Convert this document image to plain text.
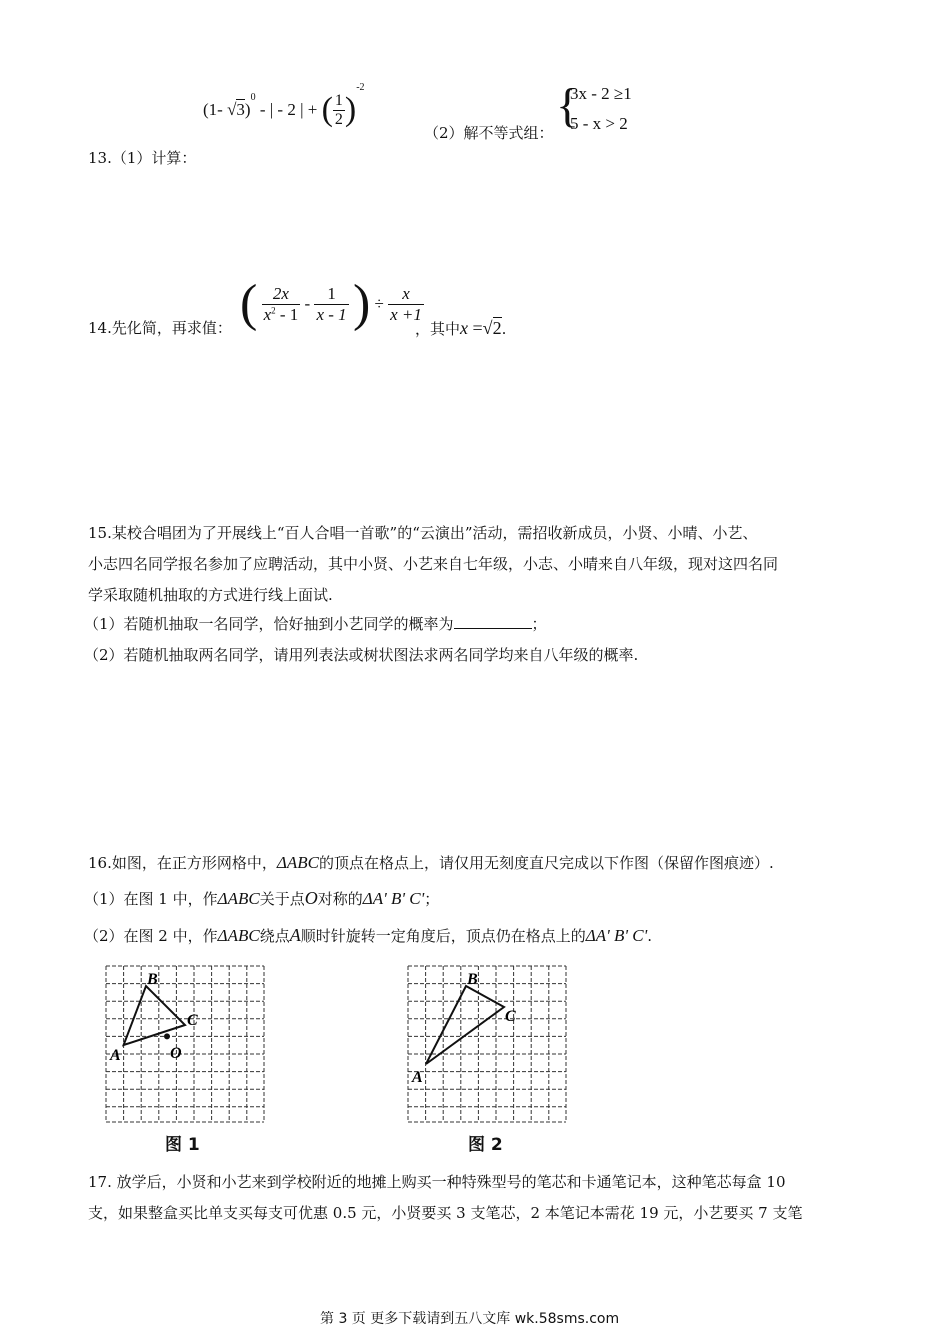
(1- √3)$^0$ - | - 2 | + ( $\frac{1}{2} )^{-2}$
（2）解不等式组：
{
3x - 2 ≥1
5 - x > 2
13.（1）计算：
14.先化简，再求值： ( $\frac{2x}{x^2 - 1} - \frac{1}{x - 1}$ ) ÷ $\frac{x}{x +1}$
，其中x =√2.
15.某校合唱团为了开展线上“百人合唱一首歌”的“云演出”活动，需招收新成员，小贤、小晴、小艺、
小志四名同学报名参加了应聘活动，其中小贤、小艺来自七年级，小志、小晴来自八年级，现对这四名同
学采取随机抽取的方式进行线上面试.
（1）若随机抽取一名同学，恰好抽到小艺同学的概率为	；
（2）若随机抽取两名同学，请用列表法或树状图法求两名同学均来自八年级的概率.
16.如图，在正方形网格中，ΔABC的顶点在格点上，请仅用无刻度直尺完成以下作图（保留作图痕迹）.
（1）在图 1 中，作ΔABC关于点O对称的ΔA' B' C'；
（2）在图 2 中，作ΔABC绕点A顺时针旋转一定角度后，顶点仍在格点上的ΔA' B' C'.
A
B
C
O
图 1
A
B
C
图 2
17. 放学后，小贤和小艺来到学校附近的地摊上购买一种特殊型号的笔芯和卡通笔记本，这种笔芯每盒 10
支，如果整盒买比单支买每支可优惠 0.5 元，小贤要买 3 支笔芯，2 本笔记本需花 19 元，小艺要买 7 支笔
第 3 页 更多下载请到五八文库 wk.58sms.com
